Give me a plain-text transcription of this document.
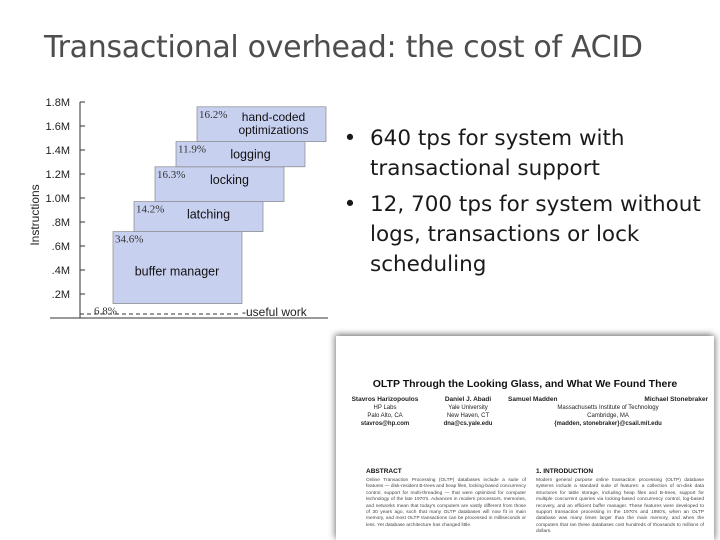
Transactional overhead: the cost of ACID
Instructions
.2M
.4M
.6M
.8M
1.0M
1.2M
1.4M
1.6M
1.8M
6.8%
34.6%
buffer manager
14.2% latching
16.3% locking
11.9% logging
16.2% hand-coded
optimizations
-useful work
• 640 tps for system with transactional support
• 12, 700 tps for system without logs, transactions or lock scheduling
OLTP Through the Looking Glass, and What We Found There
Stavros Harizopoulos
HP Labs
Palo Alto, CA
stavros@hp.com
Daniel J. Abadi
Yale University
New Haven, CT
dna@cs.yale.edu
Samuel Madden	Michael Stonebraker
Massachusetts Institute of Technology
Cambridge, MA
{madden, stonebraker}@csail.mit.edu
ABSTRACT
Online Transaction Processing (OLTP) databases include a suite of features — disk-resident B-trees and heap files, locking-based concurrency control, support for multi-threading — that were optimized for computer technology of the late 1970's. Advances in modern processors, memories, and networks mean that today's computers are vastly different from those of 30 years ago, such that many OLTP databases will now fit in main memory, and most OLTP transactions can be processed in milliseconds or less. Yet database architecture has changed little.
1. INTRODUCTION
Modern general purpose online transaction processing (OLTP) database systems include a standard suite of features: a collection of on-disk data structures for table storage, including heap files and B-trees, support for multiple concurrent queries via locking-based concurrency control, log-based recovery, and an efficient buffer manager. These features were developed to support transaction processing in the 1970's and 1980's, when an OLTP database was many times larger than the main memory, and when the computers that ran these databases cost hundreds of thousands to millions of dollars.
